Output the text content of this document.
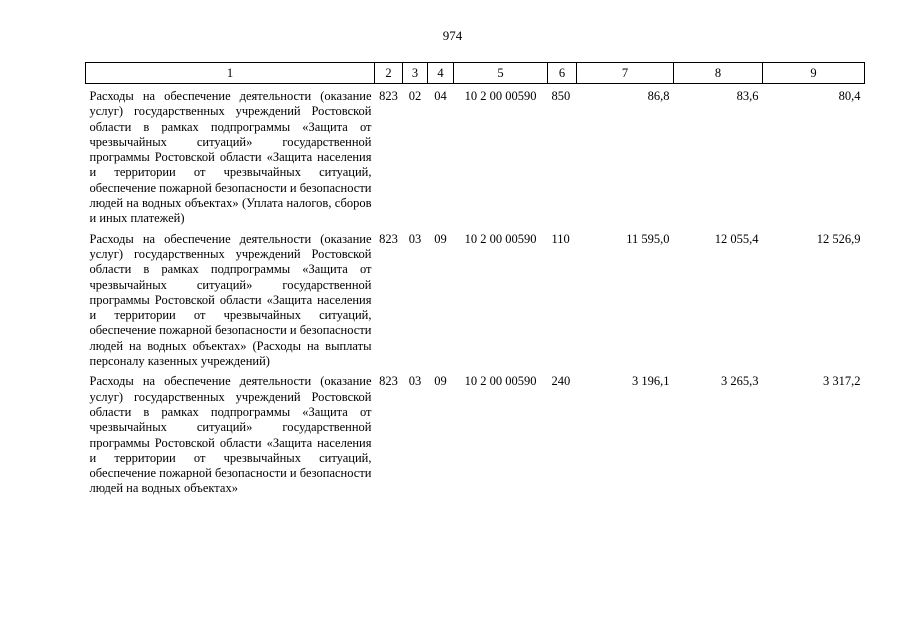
974
1	2	3	4	5	6	7	8	9
Расходы на обеспечение деятельности (оказание услуг) государственных учреждений Ростовской области в рамках подпрограммы «Защита от чрезвычайных ситуаций» государственной программы Ростовской области «Защита населения и территории от чрезвычайных ситуаций, обеспечение пожарной безопасности и безопасности людей на водных объектах» (Уплата налогов, сборов и иных платежей)	823	02	04	10 2 00 00590	850	86,8	83,6	80,4
Расходы на обеспечение деятельности (оказание услуг) государственных учреждений Ростовской области в рамках подпрограммы «Защита от чрезвычайных ситуаций» государственной программы Ростовской области «Защита населения и территории от чрезвычайных ситуаций, обеспечение пожарной безопасности и безопасности людей на водных объектах» (Расходы на выплаты персоналу казенных учреждений)	823	03	09	10 2 00 00590	110	11 595,0	12 055,4	12 526,9
Расходы на обеспечение деятельности (оказание услуг) государственных учреждений Ростовской области в рамках подпрограммы «Защита от чрезвычайных ситуаций» государственной программы Ростовской области «Защита населения и территории от чрезвычайных ситуаций, обеспечение пожарной безопасности и безопасности людей на водных объектах»	823	03	09	10 2 00 00590	240	3 196,1	3 265,3	3 317,2
